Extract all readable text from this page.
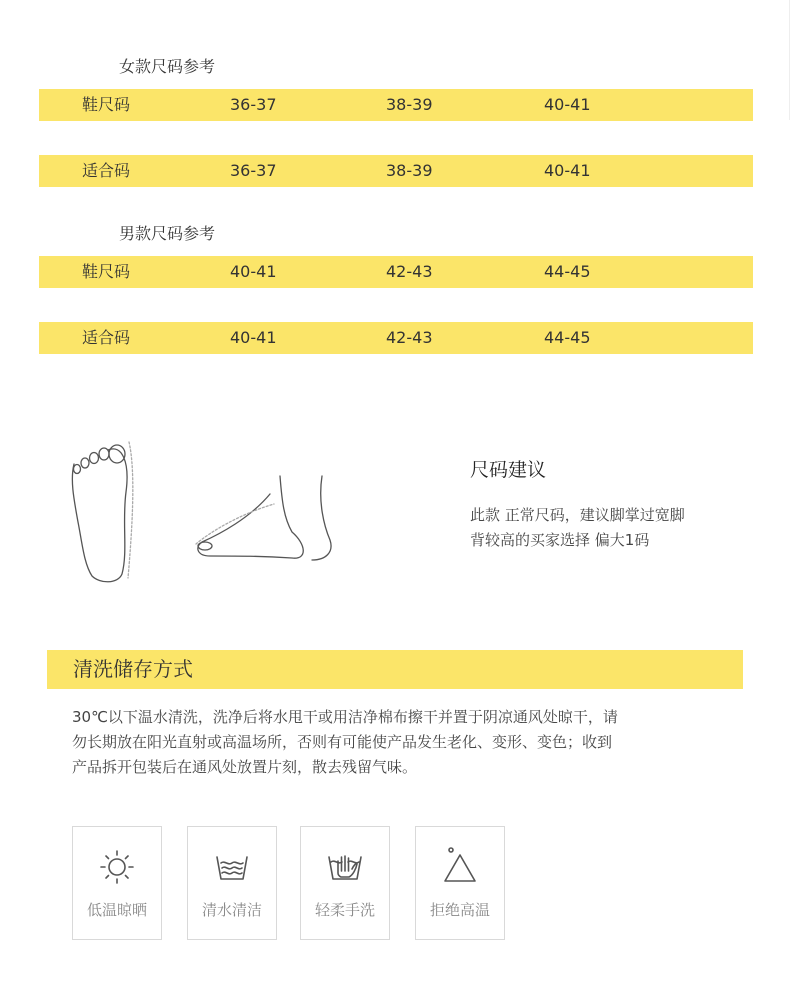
女款尺码参考
鞋尺码	36-37	38-39	40-41
适合码	36-37	38-39	40-41
男款尺码参考
鞋尺码	40-41	42-43	44-45
适合码	40-41	42-43	44-45
尺码建议
此款 正常尺码，建议脚掌过宽脚
背较高的买家选择 偏大1码
清洗储存方式
30℃以下温水清洗，洗净后将水甩干或用洁净棉布擦干并置于阴凉通风处晾干，请
勿长期放在阳光直射或高温场所，否则有可能使产品发生老化、变形、变色；收到
产品拆开包装后在通风处放置片刻，散去残留气味。
低温晾晒	清水清洁	轻柔手洗	拒绝高温
